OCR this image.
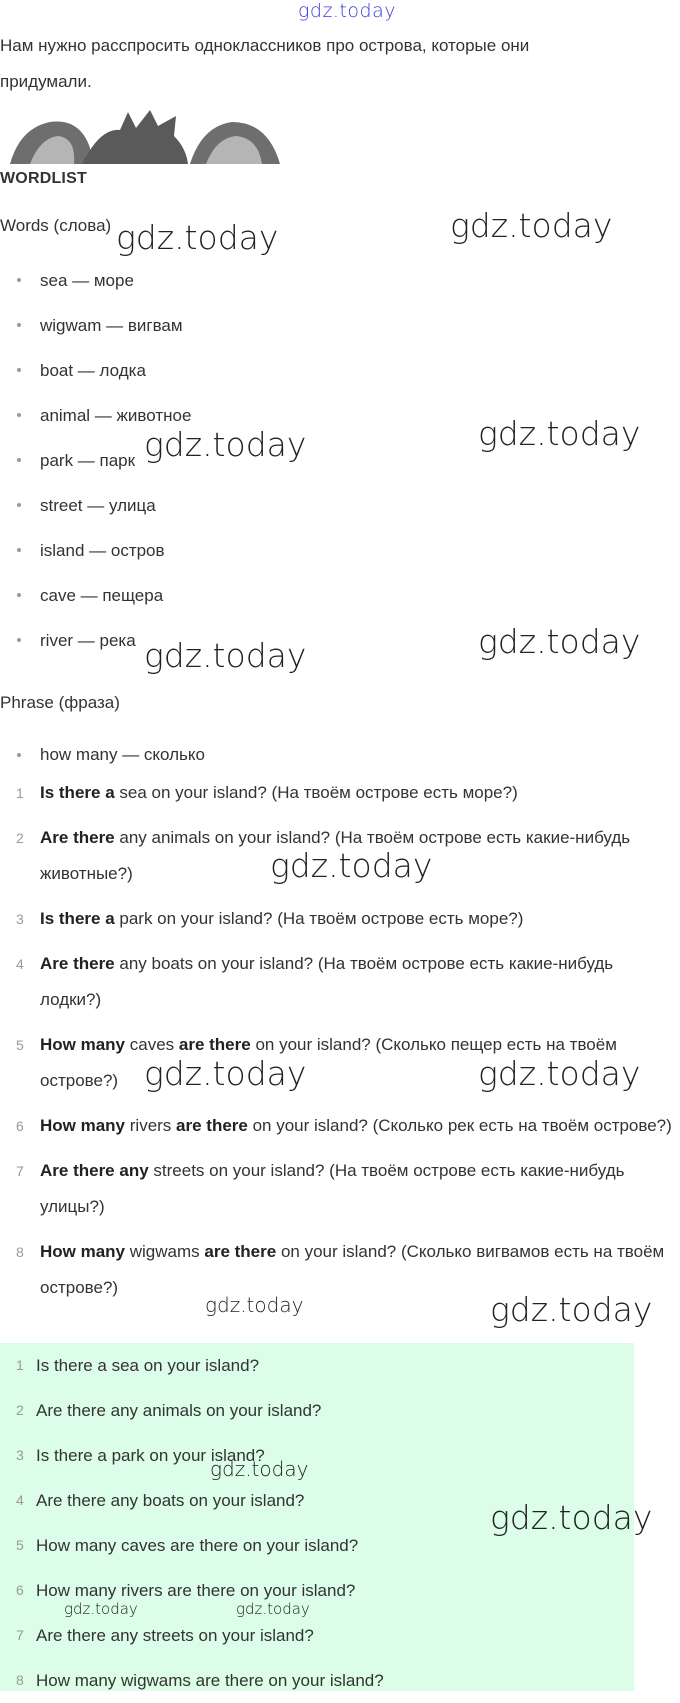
Нам нужно расспросить одноклассников про острова, которые они придумали.
WORDLIST
Words (слова)
sea — море
wigwam — вигвам
boat — лодка
animal — животное
park — парк
street — улица
island — остров
cave — пещера
river — река
Phrase (фраза)
how many — сколько
1 Is there a sea on your island? (На твоём острове есть море?)
2 Are there any animals on your island? (На твоём острове есть какие-нибудь животные?)
3 Is there a park on your island? (На твоём острове есть море?)
4 Are there any boats on your island? (На твоём острове есть какие-нибудь лодки?)
5 How many caves are there on your island? (Сколько пещер есть на твоём острове?)
6 How many rivers are there on your island? (Сколько рек есть на твоём острове?)
7 Are there any streets on your island? (На твоём острове есть какие-нибудь улицы?)
8 How many wigwams are there on your island? (Сколько вигвамов есть на твоём острове?)
1 Is there a sea on your island?
2 Are there any animals on your island?
3 Is there a park on your island?
4 Are there any boats on your island?
5 How many caves are there on your island?
6 How many rivers are there on your island?
7 Are there any streets on your island?
8 How many wigwams are there on your island?
gdz.today
gdz.today	gdz.today
gdz.today	gdz.today
gdz.today	gdz.today
gdz.today
gdz.today	gdz.today
gdz.today	gdz.today
gdz.today
gdz.today
gdz.today	gdz.today
